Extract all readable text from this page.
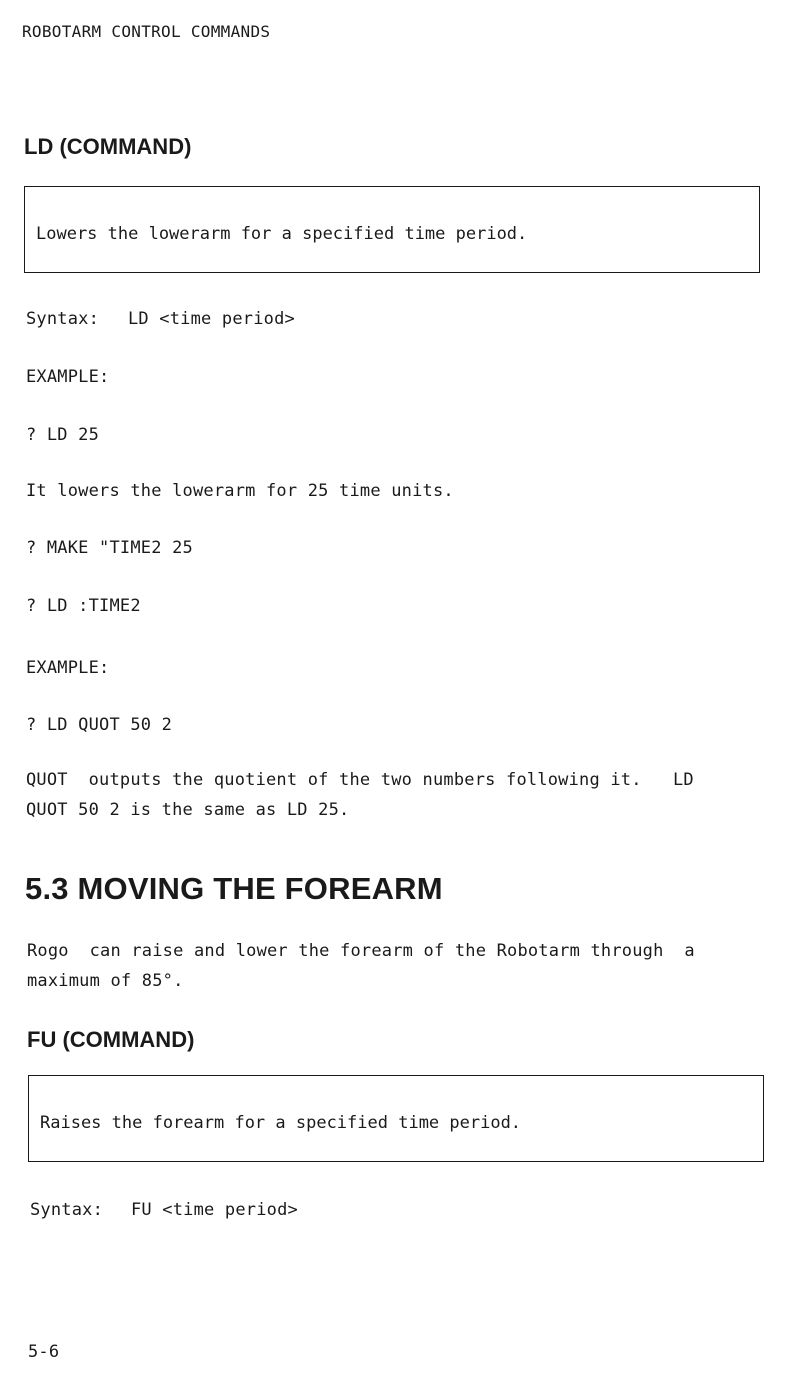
ROBOTARM CONTROL COMMANDS
LD (COMMAND)
Lowers the lowerarm for a specified time period.
Syntax: LD <time period>
EXAMPLE:
? LD 25
It lowers the lowerarm for 25 time units.
? MAKE "TIME2 25
? LD :TIME2
EXAMPLE:
? LD QUOT 50 2
QUOT  outputs the quotient of the two numbers following it.   LD
QUOT 50 2 is the same as LD 25.
5.3 MOVING THE FOREARM
Rogo  can raise and lower the forearm of the Robotarm through  a
maximum of 85°.
FU (COMMAND)
Raises the forearm for a specified time period.
Syntax: FU <time period>
5-6
